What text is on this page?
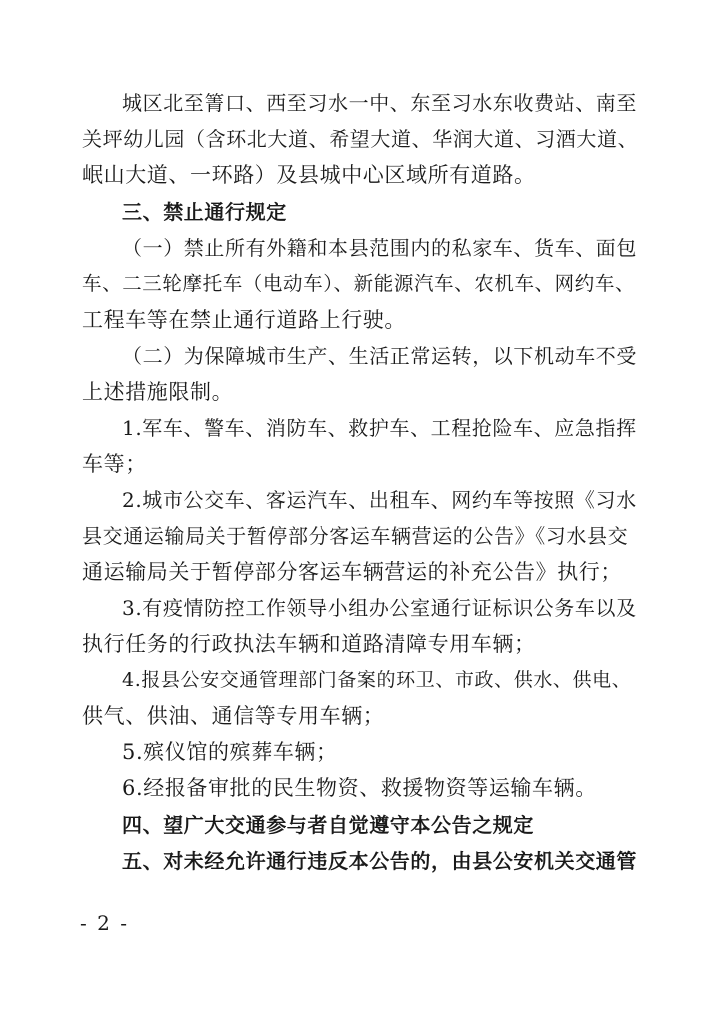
城区北至箐口、西至习水一中、东至习水东收费站、南至
关坪幼儿园（含环北大道、希望大道、华润大道、习酒大道、
岷山大道、一环路）及县城中心区域所有道路。
三、禁止通行规定
（一）禁止所有外籍和本县范围内的私家车、货车、面包
车、二三轮摩托车（电动车）、新能源汽车、农机车、网约车、
工程车等在禁止通行道路上行驶。
（二）为保障城市生产、生活正常运转，以下机动车不受
上述措施限制。
1.军车、警车、消防车、救护车、工程抢险车、应急指挥
车等；
2.城市公交车、客运汽车、出租车、网约车等按照《习水
县交通运输局关于暂停部分客运车辆营运的公告》《习水县交
通运输局关于暂停部分客运车辆营运的补充公告》执行；
3.有疫情防控工作领导小组办公室通行证标识公务车以及
执行任务的行政执法车辆和道路清障专用车辆；
4.报县公安交通管理部门备案的环卫、市政、供水、供电、
供气、供油、通信等专用车辆；
5.殡仪馆的殡葬车辆；
6.经报备审批的民生物资、救援物资等运输车辆。
四、望广大交通参与者自觉遵守本公告之规定
五、对未经允许通行违反本公告的，由县公安机关交通管
- 2 -
